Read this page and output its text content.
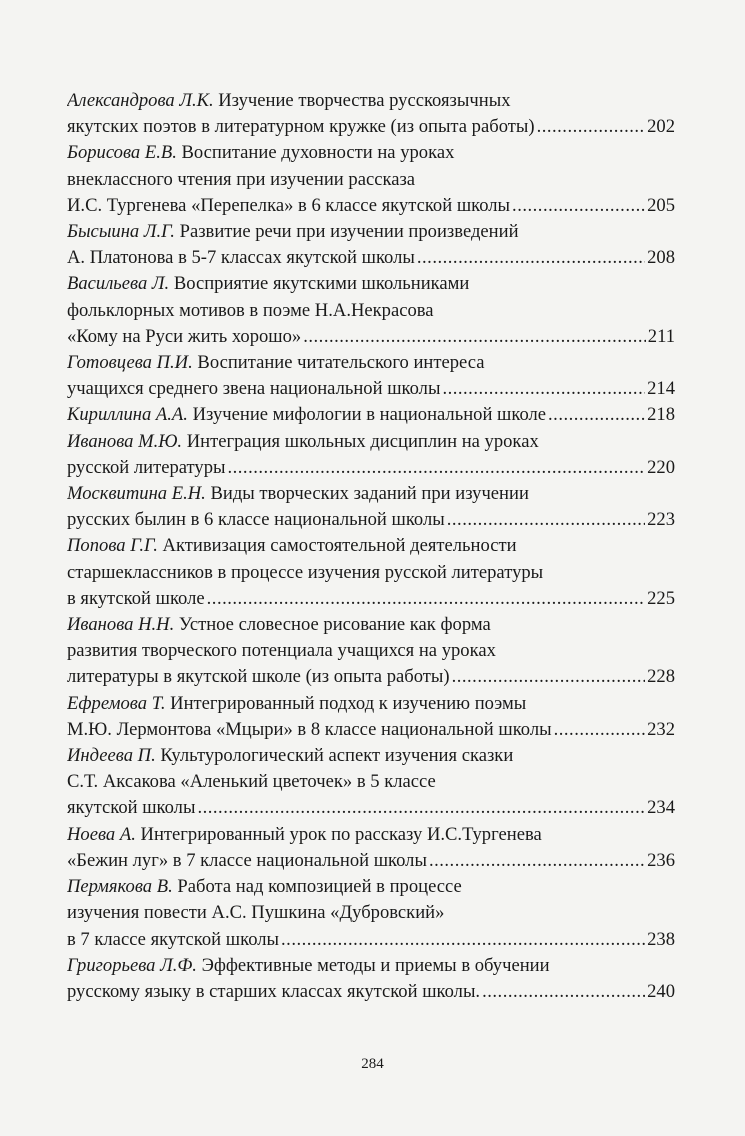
Александрова Л.К. Изучение творчества русскоязычных
якутских поэтов в литературном кружке (из опыта работы) .....	202
Борисова Е.В. Воспитание духовности на уроках
внеклассного чтения при изучении рассказа
И.С. Тургенева «Перепелка» в 6 классе якутской школы .....	205
Бысыина Л.Г. Развитие речи при изучении произведений
А. Платонова в 5-7 классах якутской школы .....	208
Васильева Л. Восприятие якутскими школьниками
фольклорных мотивов в поэме Н.А.Некрасова
«Кому на Руси жить хорошо» .....	211
Готовцева П.И. Воспитание читательского интереса
учащихся среднего звена национальной школы .....	214
Кириллина А.А. Изучение мифологии в национальной школе .....	218
Иванова М.Ю. Интеграция школьных дисциплин на уроках
русской литературы .....	220
Москвитина Е.Н. Виды творческих заданий при изучении
русских былин в 6 классе национальной школы .....	223
Попова Г.Г. Активизация самостоятельной деятельности
старшеклассников в процессе изучения русской литературы
в якутской школе .....	225
Иванова Н.Н. Устное словесное рисование как форма
развития творческого потенциала учащихся на уроках
литературы в якутской школе (из опыта работы) .....	228
Ефремова Т. Интегрированный подход к изучению поэмы
М.Ю. Лермонтова «Мцыри» в 8 классе национальной школы .....	232
Индеева П. Культурологический аспект изучения сказки
С.Т. Аксакова «Аленький цветочек» в 5 классе
якутской школы .....	234
Ноева А. Интегрированный урок по рассказу И.С.Тургенева
«Бежин луг» в 7 классе национальной школы .....	236
Пермякова В. Работа над композицией в процессе
изучения повести А.С. Пушкина «Дубровский»
в 7 классе якутской школы .....	238
Григорьева Л.Ф. Эффективные методы и приемы в обучении
русскому языку в старших классах якутской школы. .....	240
284
